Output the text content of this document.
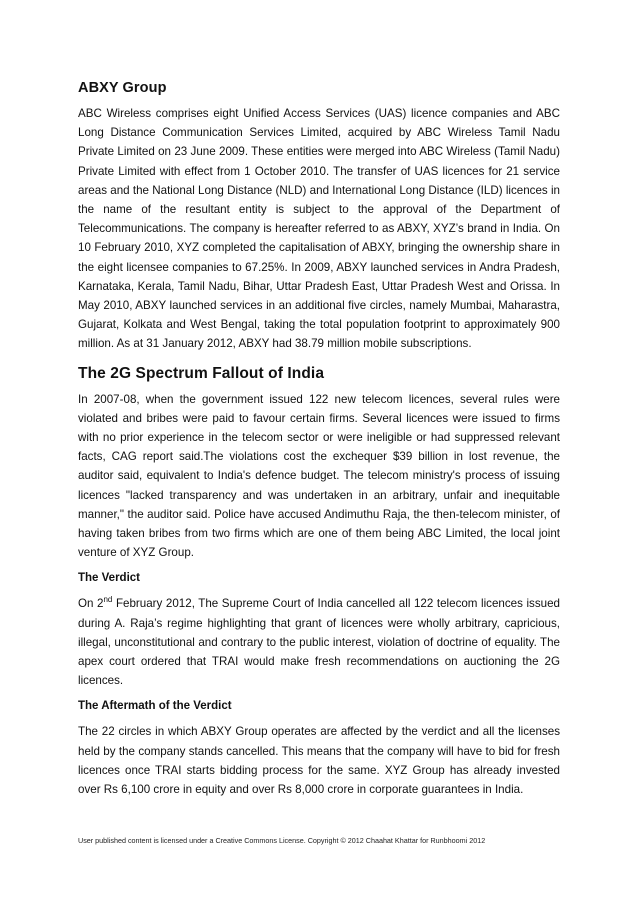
ABXY Group

ABC Wireless comprises eight Unified Access Services (UAS) licence companies and ABC Long Distance Communication Services Limited, acquired by ABC Wireless Tamil Nadu Private Limited on 23 June 2009. These entities were merged into ABC Wireless (Tamil Nadu) Private Limited with effect from 1 October 2010. The transfer of UAS licences for 21 service areas and the National Long Distance (NLD) and International Long Distance (ILD) licences in the name of the resultant entity is subject to the approval of the Department of Telecommunications. The company is hereafter referred to as ABXY, XYZ’s brand in India. On 10 February 2010, XYZ completed the capitalisation of ABXY, bringing the ownership share in the eight licensee companies to 67.25%. In 2009, ABXY launched services in Andra Pradesh, Karnataka, Kerala, Tamil Nadu, Bihar, Uttar Pradesh East, Uttar Pradesh West and Orissa. In May 2010, ABXY launched services in an additional five circles, namely Mumbai, Maharastra, Gujarat, Kolkata and West Bengal, taking the total population footprint to approximately 900 million. As at 31 January 2012, ABXY had 38.79 million mobile subscriptions.

The 2G Spectrum Fallout of India

In 2007-08, when the government issued 122 new telecom licences, several rules were violated and bribes were paid to favour certain firms. Several licences were issued to firms with no prior experience in the telecom sector or were ineligible or had suppressed relevant facts, CAG report said.The violations cost the exchequer $39 billion in lost revenue, the auditor said, equivalent to India's defence budget. The telecom ministry's process of issuing licences "lacked transparency and was undertaken in an arbitrary, unfair and inequitable manner," the auditor said. Police have accused Andimuthu Raja, the then-telecom minister, of having taken bribes from two firms which are one of them being ABC Limited, the local joint venture of XYZ Group.

The Verdict

On 2nd February 2012, The Supreme Court of India cancelled all 122 telecom licences issued during A. Raja’s regime highlighting that grant of licences were wholly arbitrary, capricious, illegal, unconstitutional and contrary to the public interest, violation of doctrine of equality. The apex court ordered that TRAI would make fresh recommendations on auctioning the 2G licences.

The Aftermath of the Verdict

The 22 circles in which ABXY Group operates are affected by the verdict and all the licenses held by the company stands cancelled. This means that the company will have to bid for fresh licences once TRAI starts bidding process for the same. XYZ Group has already invested over Rs 6,100 crore in equity and over Rs 8,000 crore in corporate guarantees in India.

User published content is licensed under a Creative Commons License. Copyright © 2012 Chaahat Khattar for Runbhoomi 2012
